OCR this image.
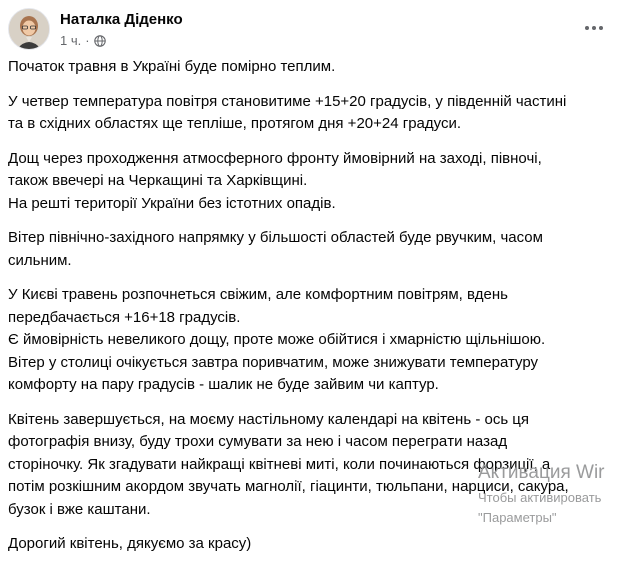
Наталка Діденко
1 ч. ·

Початок травня в Україні буде помірно теплим.

У четвер температура повітря становитиме +15+20 градусів, у південній частині
та в східних областях ще тепліше, протягом дня +20+24 градуси.

Дощ через проходження атмосферного фронту ймовірний на заході, півночі,
також ввечері на Черкащині та Харківщині.
На решті території України без істотних опадів.

Вітер північно-західного напрямку у більшості областей буде рвучким, часом
сильним.

У Києві травень розпочнеться свіжим, але комфортним повітрям, вдень
передбачається +16+18 градусів.
Є ймовірність невеликого дощу, проте може обійтися і хмарністю щільнішою.
Вітер у столиці очікується завтра поривчатим, може знижувати температуру
комфорту на пару градусів - шалик не буде зайвим чи каптур.

Квітень завершується, на моєму настільному календарі на квітень - ось ця
фотографія внизу, буду трохи сумувати за нею і часом перегрaти назад
сторіночку. Як згадувати найкращі квітневі миті, коли починаються форзиції, а
потім розкішним акордом звучать магнолії, гіацинти, тюльпани, нарциси, сакура,
бузок і вже каштани.

Дорогий квітень, дякуємо за красу)

Активация Wir
Чтобы активировать
"Параметры"
